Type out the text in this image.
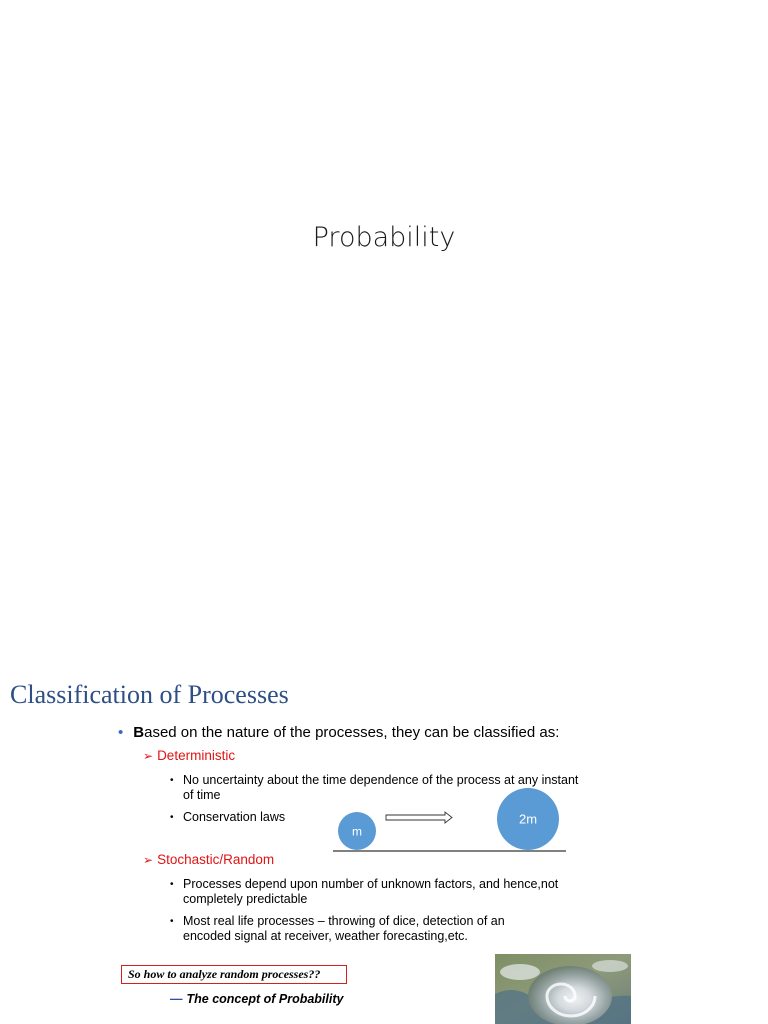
Probability
Classification of Processes
• Based on the nature of the processes, they can be classified as:
➢ Deterministic
• No uncertainty about the time dependence of the process at any instant of time
• Conservation laws
m
2m
➢ Stochastic/Random
• Processes depend upon number of unknown factors, and hence,not completely predictable
• Most real life processes – throwing of dice, detection of an encoded signal at receiver, weather forecasting,etc.
So how to analyze random processes??
— The concept of Probability
